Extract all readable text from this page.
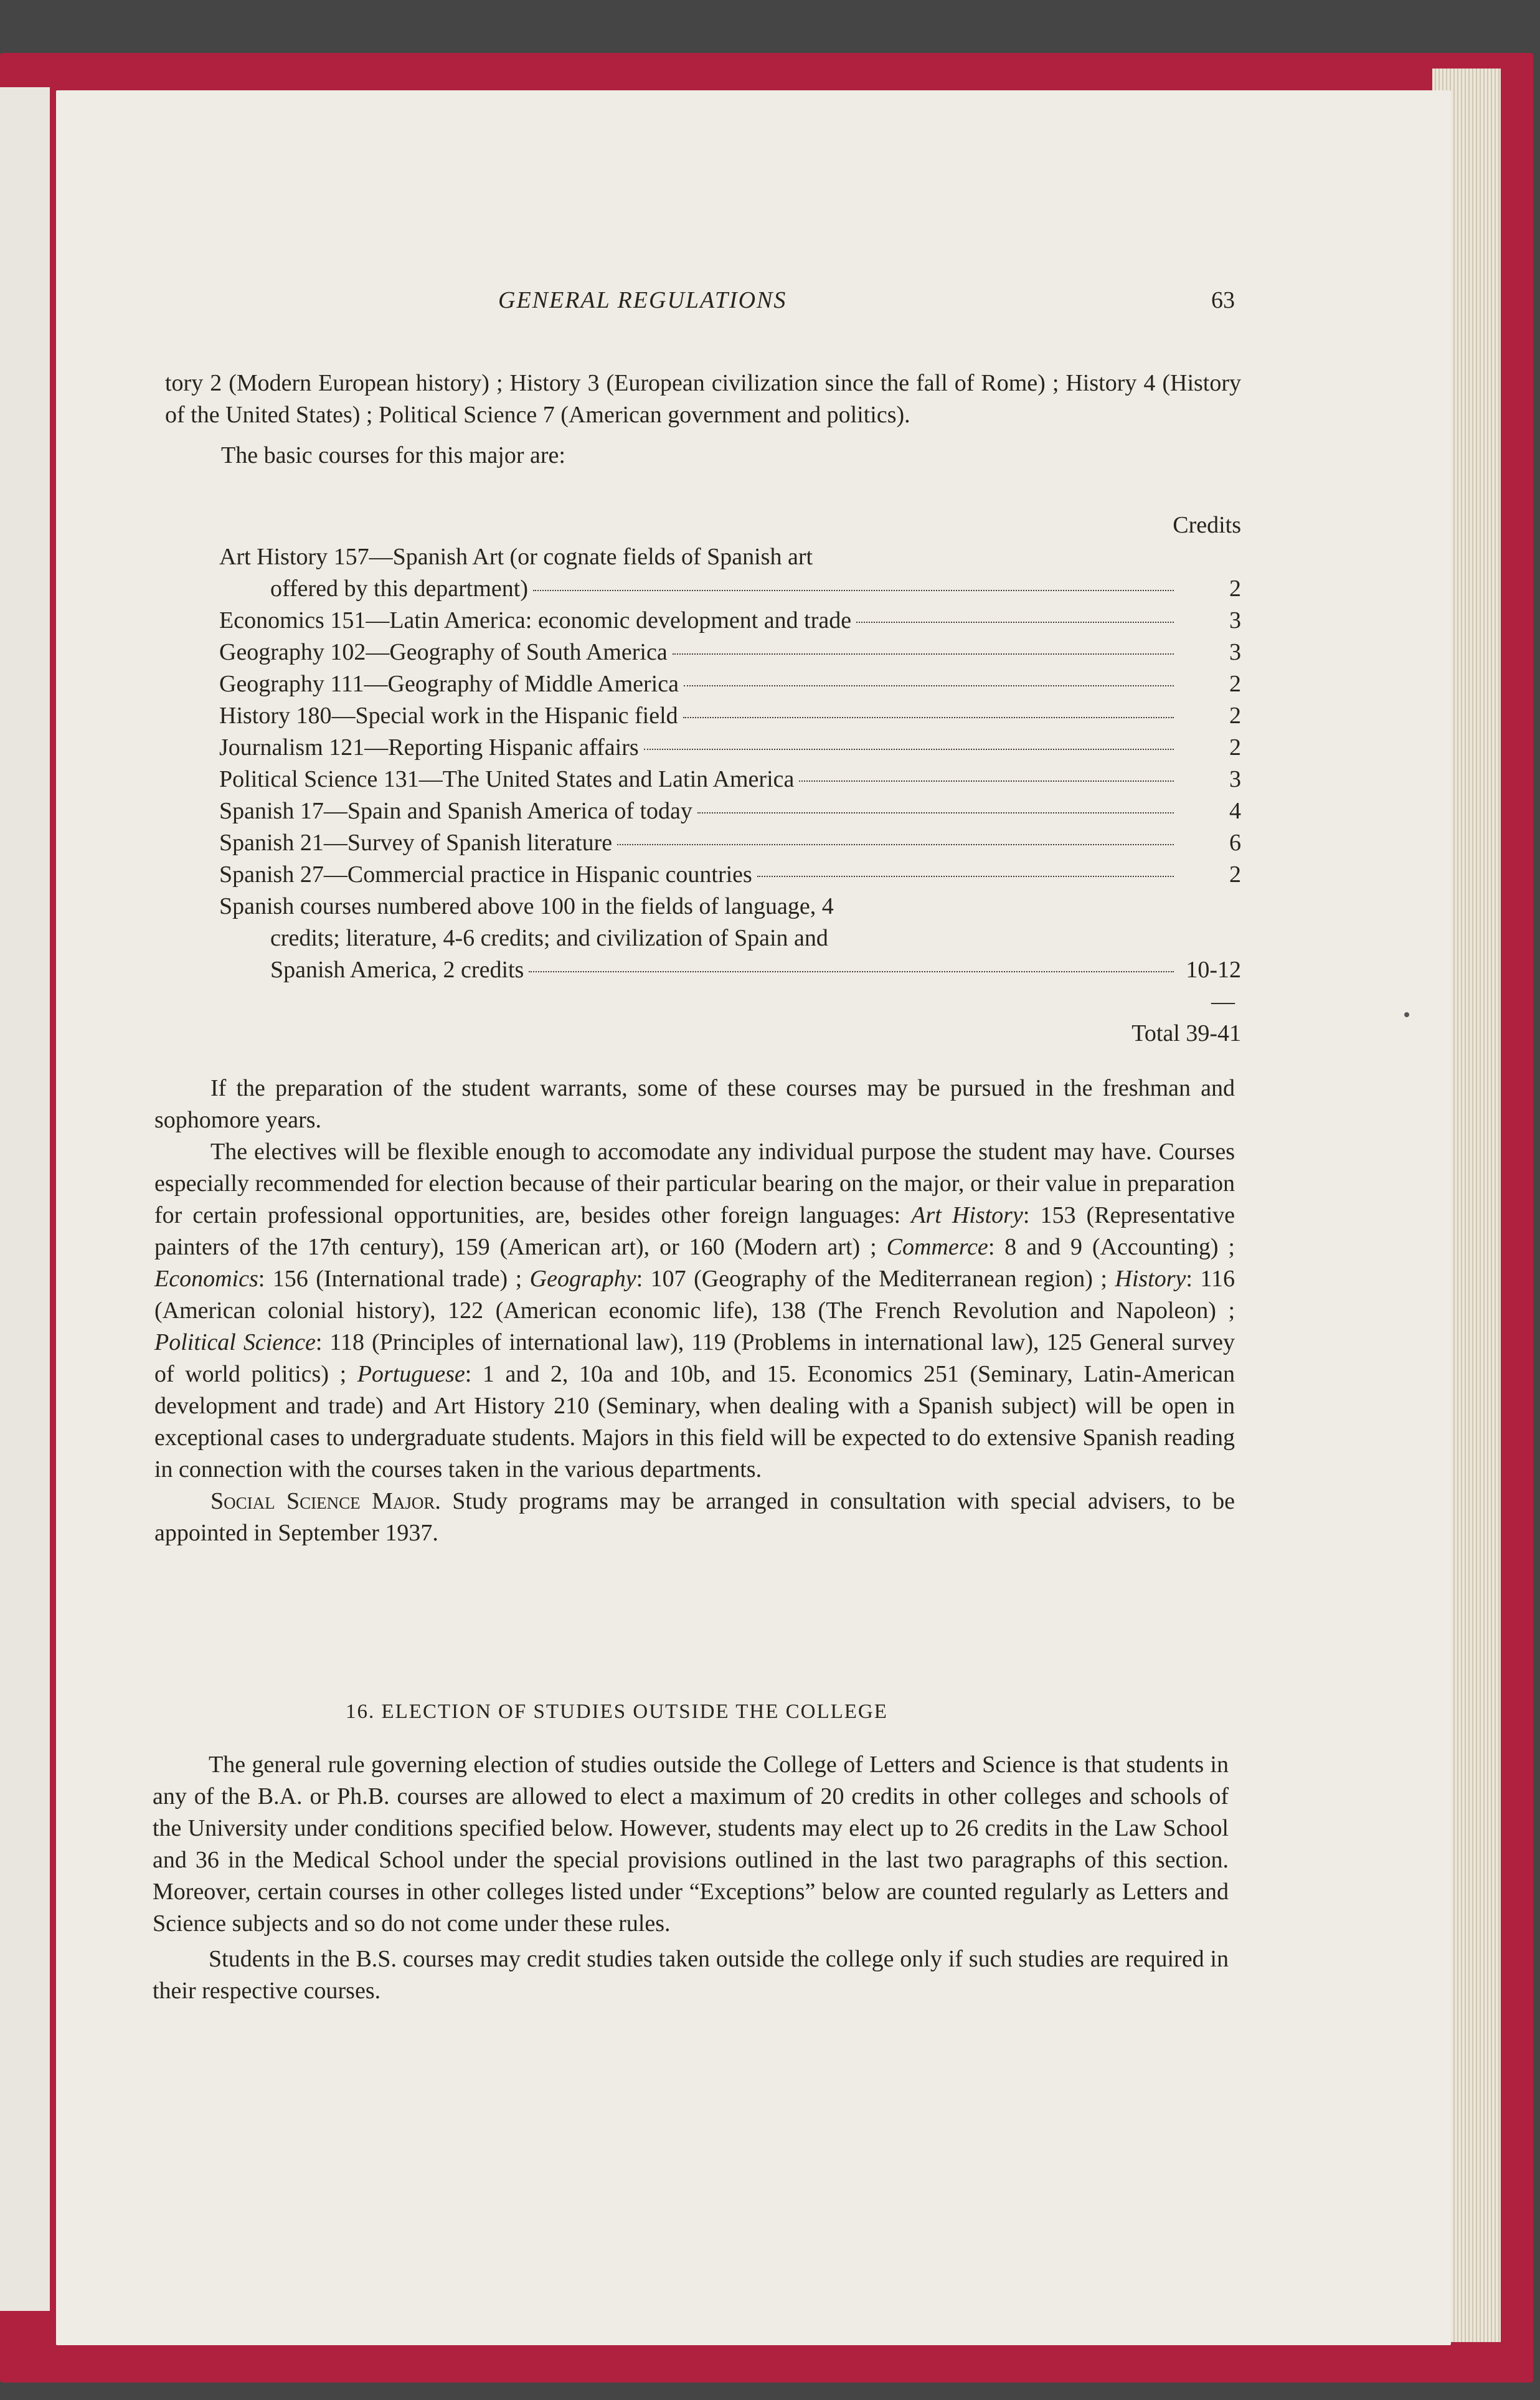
GENERAL REGULATIONS	63

tory 2 (Modern European history) ; History 3 (European civilization since the fall of Rome) ; History 4 (History of the United States) ; Political Science 7 (American government and politics).

The basic courses for this major are:

Credits
Art History 157—Spanish Art (or cognate fields of Spanish art
offered by this department)	2
Economics 151—Latin America: economic development and trade	3
Geography 102—Geography of South America	3
Geography 111—Geography of Middle America	2
History 180—Special work in the Hispanic field	2
Journalism 121—Reporting Hispanic affairs	2
Political Science 131—The United States and Latin America	3
Spanish 17—Spain and Spanish America of today	4
Spanish 21—Survey of Spanish literature	6
Spanish 27—Commercial practice in Hispanic countries	2
Spanish courses numbered above 100 in the fields of language, 4
credits; literature, 4-6 credits; and civilization of Spain and
Spanish America, 2 credits	10-12
—
Total 39-41

If the preparation of the student warrants, some of these courses may be pursued in the freshman and sophomore years.

The electives will be flexible enough to accomodate any individual purpose the student may have. Courses especially recommended for election because of their particular bearing on the major, or their value in preparation for certain professional opportunities, are, besides other foreign languages: Art History: 153 (Representative painters of the 17th century), 159 (American art), or 160 (Modern art) ; Commerce: 8 and 9 (Accounting) ; Economics: 156 (International trade) ; Geography: 107 (Geography of the Mediterranean region) ; History: 116 (American colonial history), 122 (American economic life), 138 (The French Revolution and Napoleon) ; Political Science: 118 (Principles of international law), 119 (Problems in international law), 125 General survey of world politics) ; Portuguese: 1 and 2, 10a and 10b, and 15. Economics 251 (Seminary, Latin-American development and trade) and Art History 210 (Seminary, when dealing with a Spanish subject) will be open in exceptional cases to undergraduate students. Majors in this field will be expected to do extensive Spanish reading in connection with the courses taken in the various departments.

Social Science Major. Study programs may be arranged in consultation with special advisers, to be appointed in September 1937.

16. ELECTION OF STUDIES OUTSIDE THE COLLEGE

The general rule governing election of studies outside the College of Letters and Science is that students in any of the B.A. or Ph.B. courses are allowed to elect a maximum of 20 credits in other colleges and schools of the University under conditions specified below. However, students may elect up to 26 credits in the Law School and 36 in the Medical School under the special provisions outlined in the last two paragraphs of this section. Moreover, certain courses in other colleges listed under “Exceptions” below are counted regularly as Letters and Science subjects and so do not come under these rules.

Students in the B.S. courses may credit studies taken outside the college only if such studies are required in their respective courses.
